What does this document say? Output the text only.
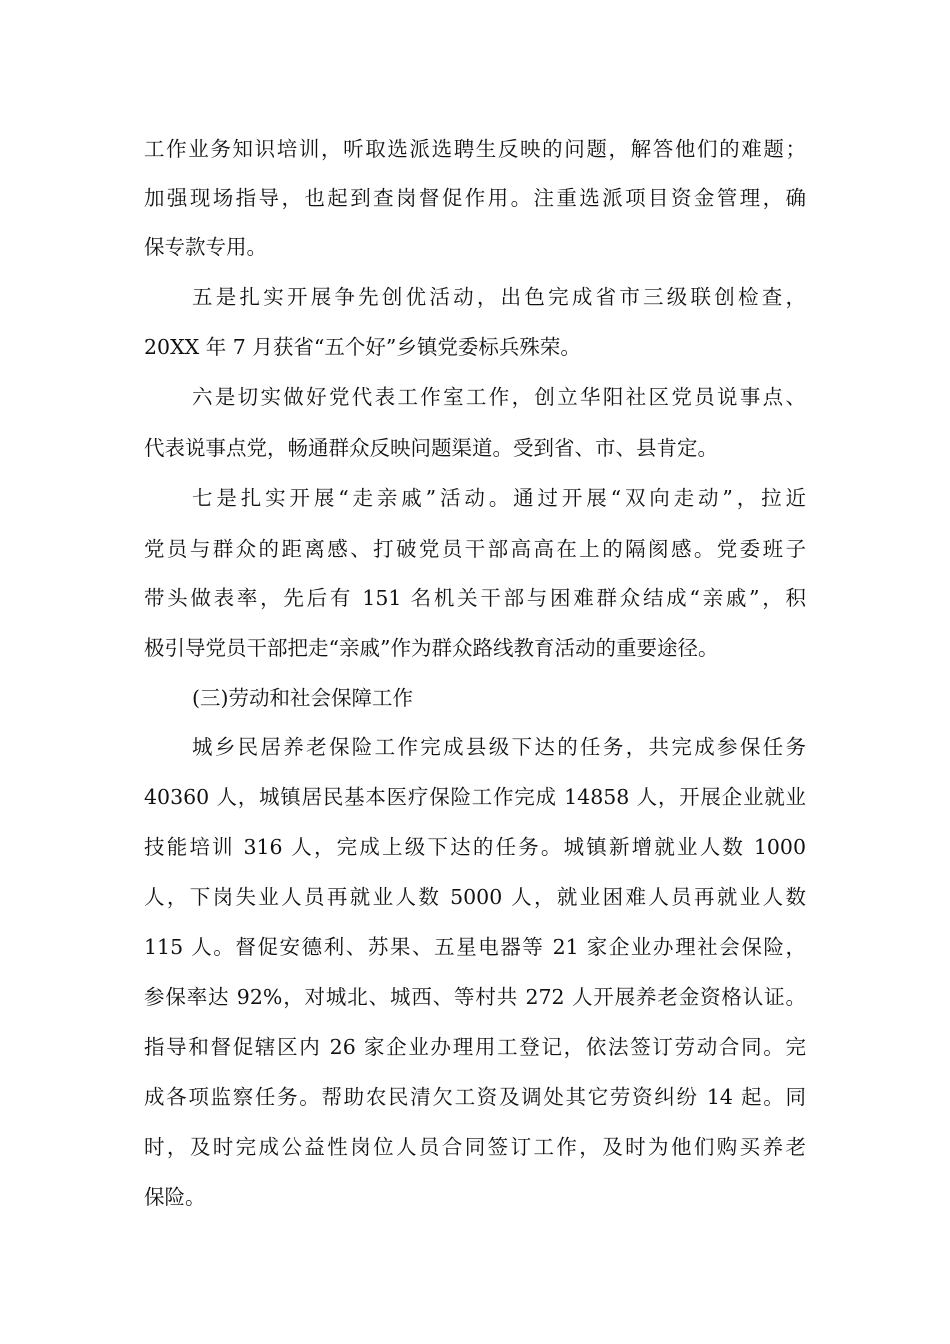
工作业务知识培训，听取选派选聘生反映的问题，解答他们的难题；
加强现场指导，也起到查岗督促作用。注重选派项目资金管理，确
保专款专用。
五是扎实开展争先创优活动，出色完成省市三级联创检查，
20XX 年 7 月获省“五个好”乡镇党委标兵殊荣。
六是切实做好党代表工作室工作，创立华阳社区党员说事点、
代表说事点党，畅通群众反映问题渠道。受到省、市、县肯定。
七是扎实开展“走亲戚”活动。通过开展“双向走动”，拉近
党员与群众的距离感、打破党员干部高高在上的隔阂感。党委班子
带头做表率，先后有 151 名机关干部与困难群众结成“亲戚”，积
极引导党员干部把走“亲戚”作为群众路线教育活动的重要途径。
(三)劳动和社会保障工作
城乡民居养老保险工作完成县级下达的任务，共完成参保任务
40360 人，城镇居民基本医疗保险工作完成 14858 人，开展企业就业
技能培训 316 人，完成上级下达的任务。城镇新增就业人数 1000
人，下岗失业人员再就业人数 5000 人，就业困难人员再就业人数
115 人。督促安德利、苏果、五星电器等 21 家企业办理社会保险，
参保率达 92%，对城北、城西、等村共 272 人开展养老金资格认证。
指导和督促辖区内 26 家企业办理用工登记，依法签订劳动合同。完
成各项监察任务。帮助农民清欠工资及调处其它劳资纠纷 14 起。同
时，及时完成公益性岗位人员合同签订工作，及时为他们购买养老
保险。
